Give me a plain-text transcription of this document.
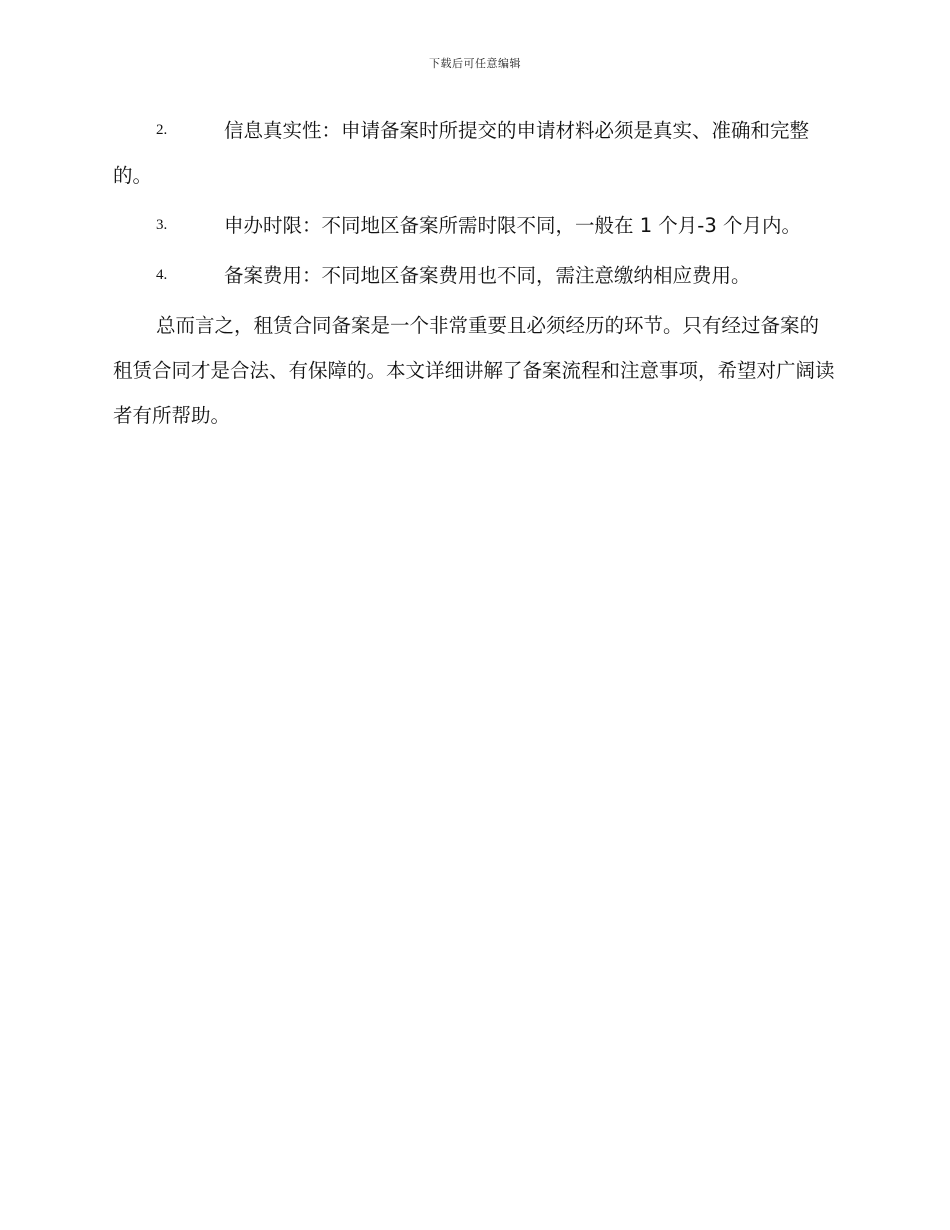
下载后可任意编辑
2.	信息真实性：申请备案时所提交的申请材料必须是真实、准确和完整的。
3.	申办时限：不同地区备案所需时限不同，一般在 1 个月-3 个月内。
4.	备案费用：不同地区备案费用也不同，需注意缴纳相应费用。

总而言之，租赁合同备案是一个非常重要且必须经历的环节。只有经过备案的租赁合同才是合法、有保障的。本文详细讲解了备案流程和注意事项，希望对广阔读者有所帮助。
